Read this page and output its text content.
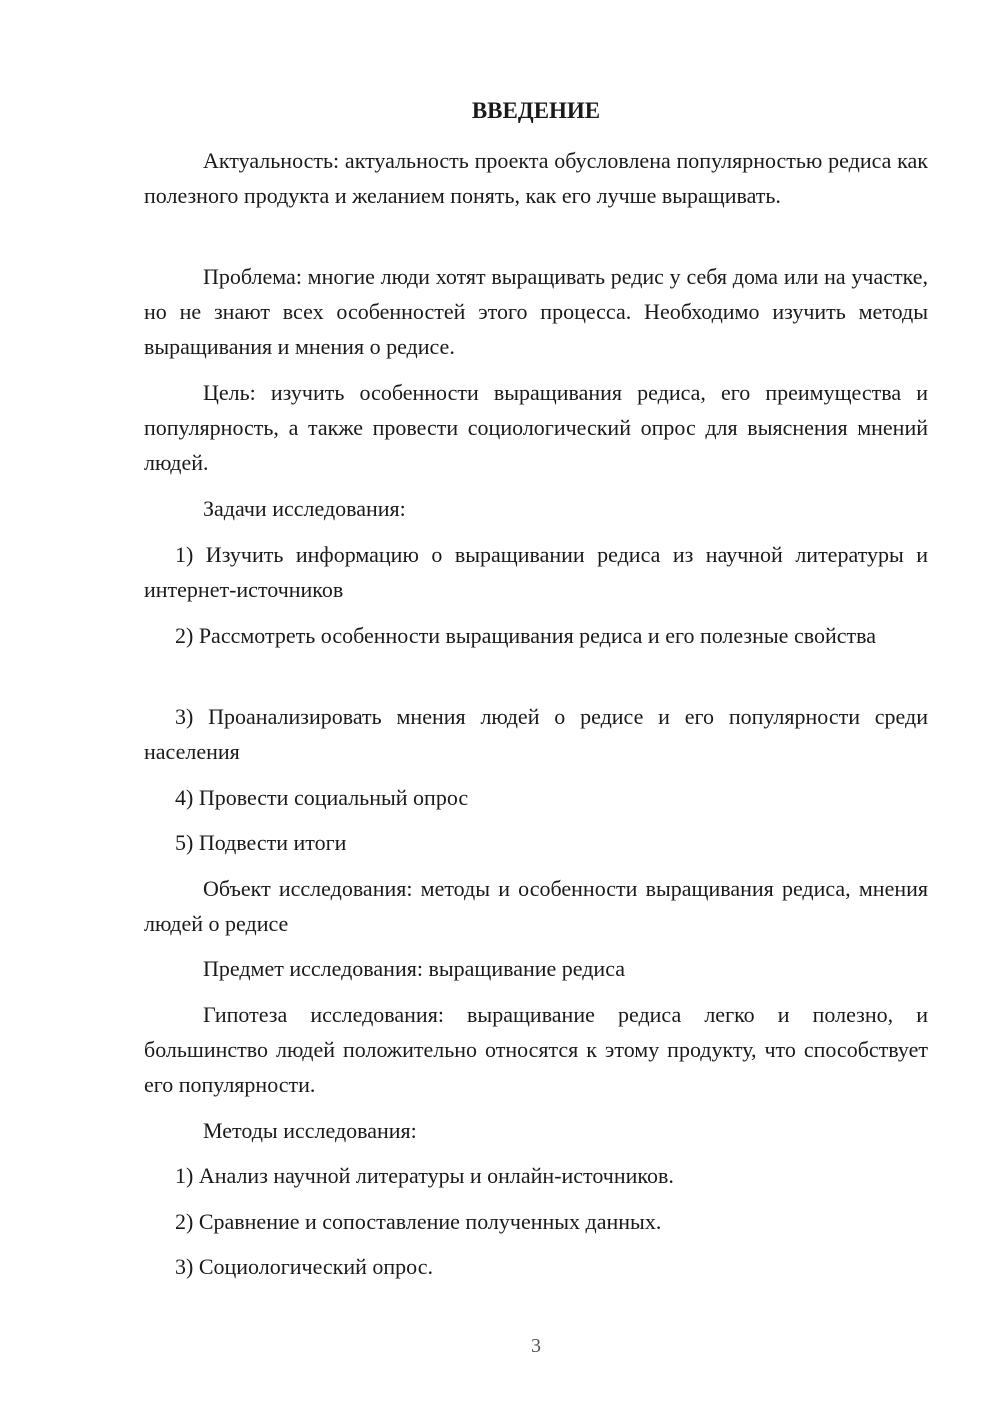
ВВЕДЕНИЕ

Актуальность: актуальность проекта обусловлена популярностью редиса как полезного продукта и желанием понять, как его лучше выращивать.

Проблема: многие люди хотят выращивать редис у себя дома или на участке, но не знают всех особенностей этого процесса. Необходимо изучить методы выращивания и мнения о редисе.

Цель: изучить особенности выращивания редиса, его преимущества и популярность, а также провести социологический опрос для выяснения мнений людей.

Задачи исследования:

1) Изучить информацию о выращивании редиса из научной литературы и интернет-источников

2) Рассмотреть особенности выращивания редиса и его полезные свойства

3) Проанализировать мнения людей о редисе и его популярности среди населения

4) Провести социальный опрос

5) Подвести итоги

Объект исследования: методы и особенности выращивания редиса, мнения людей о редисе

Предмет исследования: выращивание редиса

Гипотеза исследования: выращивание редиса легко и полезно, и большинство людей положительно относятся к этому продукту, что способствует его популярности.

Методы исследования:

1) Анализ научной литературы и онлайн-источников.

2) Сравнение и сопоставление полученных данных.

3) Социологический опрос.

3
